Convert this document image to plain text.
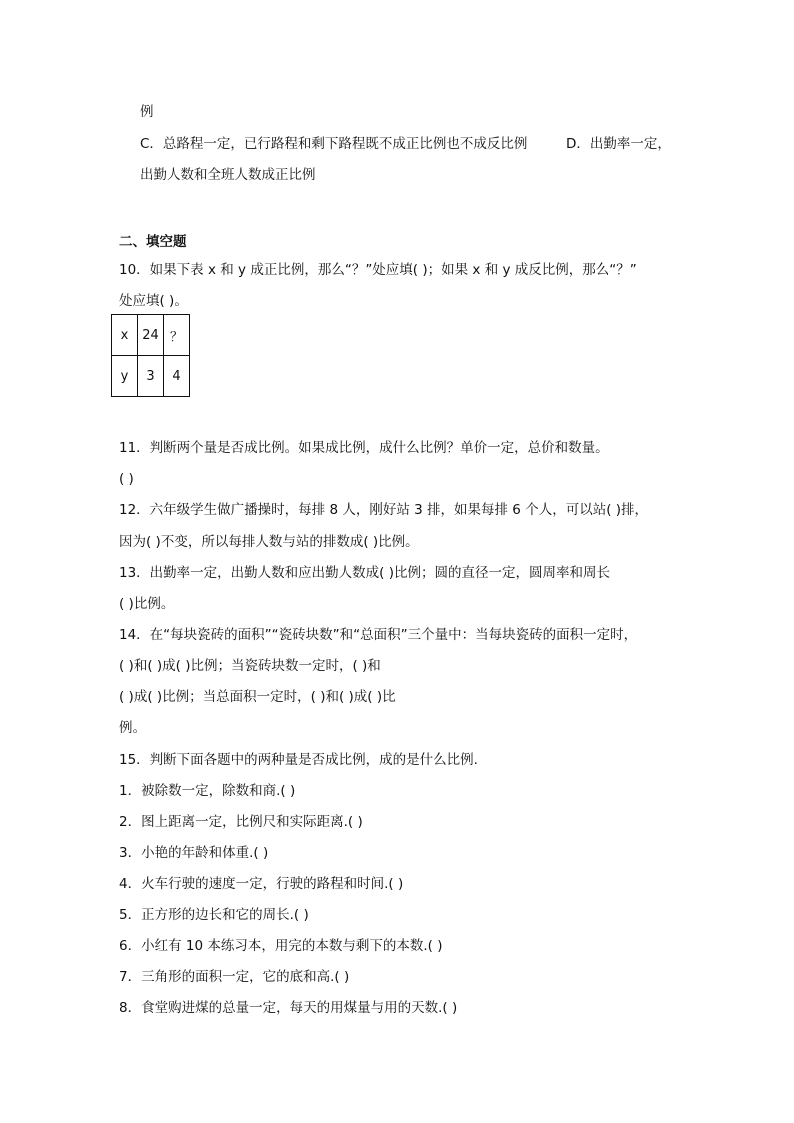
例
C．总路程一定，已行路程和剩下路程既不成正比例也不成反比例	D．出勤率一定，
出勤人数和全班人数成正比例
二、填空题
10．如果下表 x 和 y 成正比例，那么“？”处应填( )；如果 x 和 y 成反比例，那么“？”
处应填( )。
x	24	？
y	3	4
11．判断两个量是否成比例。如果成比例，成什么比例？单价一定，总价和数量。
( )
12．六年级学生做广播操时，每排 8 人，刚好站 3 排，如果每排 6 个人，可以站( )排，
因为( )不变，所以每排人数与站的排数成( )比例。
13．出勤率一定，出勤人数和应出勤人数成( )比例；圆的直径一定，圆周率和周长
( )比例。
14．在“每块瓷砖的面积”“瓷砖块数”和“总面积”三个量中：当每块瓷砖的面积一定时，
( )和( )成( )比例；当瓷砖块数一定时，( )和
( )成( )比例；当总面积一定时，( )和( )成( )比
例。
15．判断下面各题中的两种量是否成比例，成的是什么比例.
1．被除数一定，除数和商.( )
2．图上距离一定，比例尺和实际距离.( )
3．小艳的年龄和体重.( )
4．火车行驶的速度一定，行驶的路程和时间.( )
5．正方形的边长和它的周长.( )
6．小红有 10 本练习本，用完的本数与剩下的本数.( )
7．三角形的面积一定，它的底和高.( )
8．食堂购进煤的总量一定，每天的用煤量与用的天数.( )
